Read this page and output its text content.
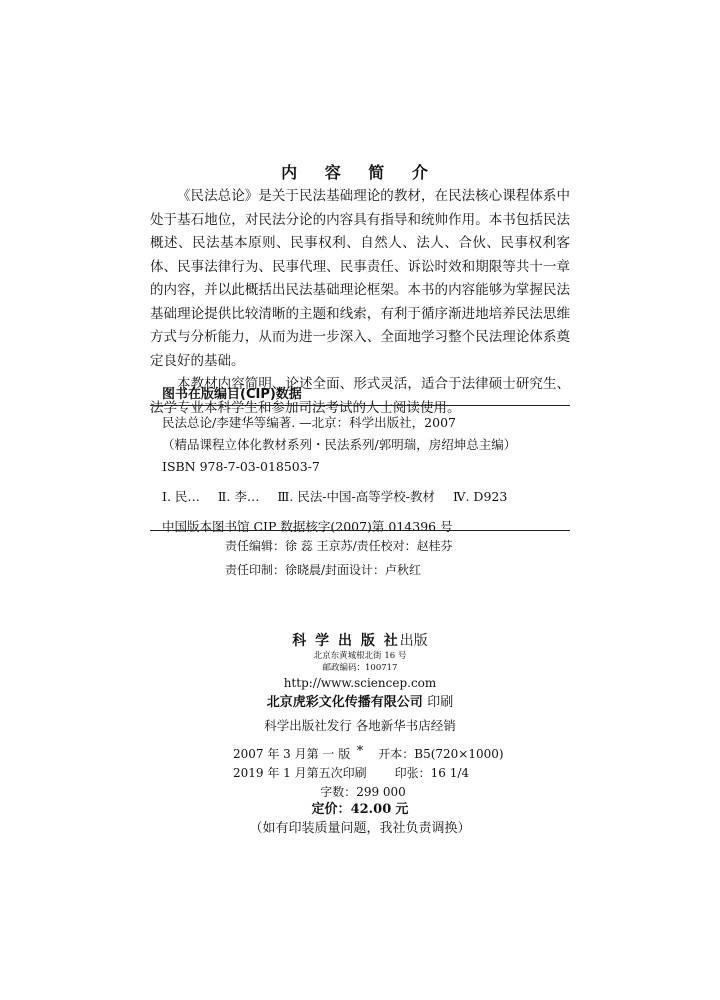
内 容 简 介

《民法总论》是关于民法基础理论的教材，在民法核心课程体系中处于基石地位，对民法分论的内容具有指导和统帅作用。本书包括民法概述、民法基本原则、民事权利、自然人、法人、合伙、民事权利客体、民事法律行为、民事代理、民事责任、诉讼时效和期限等共十一章的内容，并以此概括出民法基础理论框架。本书的内容能够为掌握民法基础理论提供比较清晰的主题和线索，有利于循序渐进地培养民法思维方式与分析能力，从而为进一步深入、全面地学习整个民法理论体系奠定良好的基础。

本教材内容简明、论述全面、形式灵活，适合于法律硕士研究生、法学专业本科学生和参加司法考试的人士阅读使用。

图书在版编目(CIP)数据
民法总论/李建华等编著. —北京：科学出版社，2007
（精品课程立体化教材系列・民法系列/郭明瑞，房绍坤总主编）
ISBN 978-7-03-018503-7
Ⅰ. 民… Ⅱ. 李… Ⅲ. 民法-中国-高等学校-教材 Ⅳ. D923
中国版本图书馆 CIP 数据核字(2007)第 014396 号
责任编辑：徐 蕊 王京苏/责任校对：赵桂芬
责任印制：徐晓晨/封面设计：卢秋红
科 学 出 版 社出版
北京东黄城根北街 16 号
邮政编码：100717
http://www.sciencep.com
北京虎彩文化传播有限公司 印刷
科学出版社发行 各地新华书店经销
*
2007 年 3 月第 一 版 开本：B5(720×1000)
2019 年 1 月第五次印刷 印张：16 1/4
字数：299 000
定价：42.00 元
（如有印装质量问题，我社负责调换）
